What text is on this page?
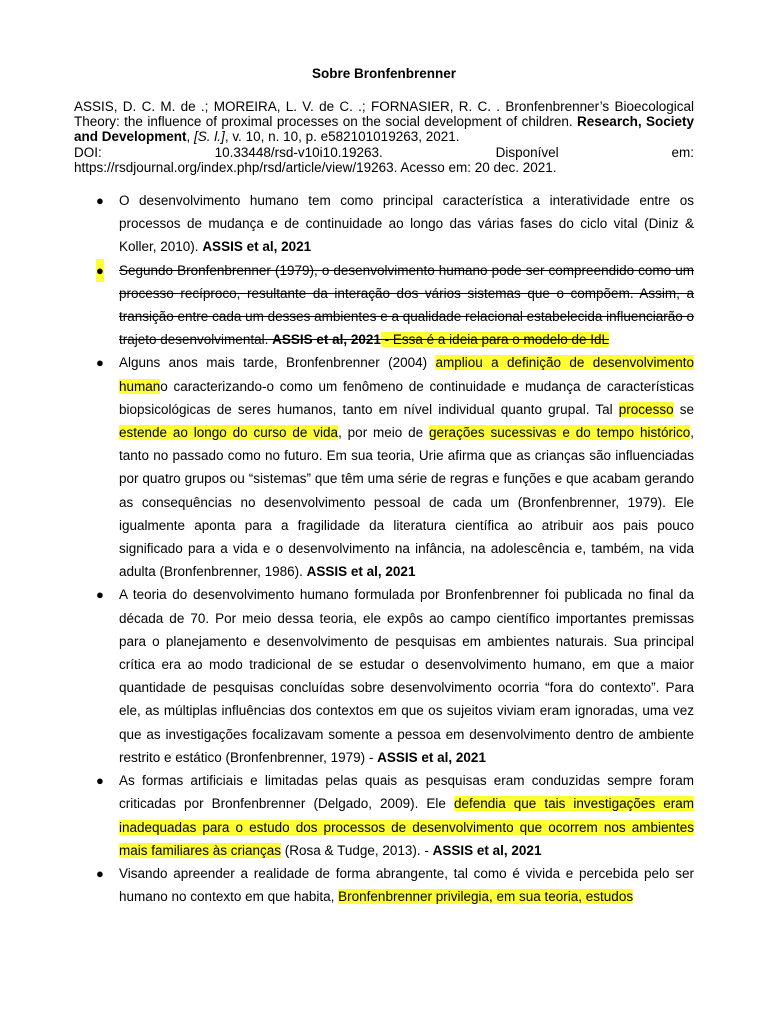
Sobre Bronfenbrenner
ASSIS, D. C. M. de .; MOREIRA, L. V. de C. .; FORNASIER, R. C. . Bronfenbrenner’s Bioecological Theory: the influence of proximal processes on the social development of children. Research, Society and Development, [S. l.], v. 10, n. 10, p. e582101019263, 2021.
DOI:	10.33448/rsd-v10i10.19263.	Disponível	em:
https://rsdjournal.org/index.php/rsd/article/view/19263. Acesso em: 20 dec. 2021.
● O desenvolvimento humano tem como principal característica a interatividade entre os processos de mudança e de continuidade ao longo das várias fases do ciclo vital (Diniz & Koller, 2010). ASSIS et al, 2021
● Segundo Bronfenbrenner (1979), o desenvolvimento humano pode ser compreendido como um processo recíproco, resultante da interação dos vários sistemas que o compõem. Assim, a transição entre cada um desses ambientes e a qualidade relacional estabelecida influenciarão o trajeto desenvolvimental. ASSIS et al, 2021 - Essa é a ideia para o modelo de IdL
● Alguns anos mais tarde, Bronfenbrenner (2004) ampliou a definição de desenvolvimento humano caracterizando-o como um fenômeno de continuidade e mudança de características biopsicológicas de seres humanos, tanto em nível individual quanto grupal. Tal processo se estende ao longo do curso de vida, por meio de gerações sucessivas e do tempo histórico, tanto no passado como no futuro. Em sua teoria, Urie afirma que as crianças são influenciadas por quatro grupos ou “sistemas” que têm uma série de regras e funções e que acabam gerando as consequências no desenvolvimento pessoal de cada um (Bronfenbrenner, 1979). Ele igualmente aponta para a fragilidade da literatura científica ao atribuir aos pais pouco significado para a vida e o desenvolvimento na infância, na adolescência e, também, na vida adulta (Bronfenbrenner, 1986). ASSIS et al, 2021
● A teoria do desenvolvimento humano formulada por Bronfenbrenner foi publicada no final da década de 70. Por meio dessa teoria, ele expôs ao campo científico importantes premissas para o planejamento e desenvolvimento de pesquisas em ambientes naturais. Sua principal crítica era ao modo tradicional de se estudar o desenvolvimento humano, em que a maior quantidade de pesquisas concluídas sobre desenvolvimento ocorria “fora do contexto”. Para ele, as múltiplas influências dos contextos em que os sujeitos viviam eram ignoradas, uma vez que as investigações focalizavam somente a pessoa em desenvolvimento dentro de ambiente restrito e estático (Bronfenbrenner, 1979) - ASSIS et al, 2021
● As formas artificiais e limitadas pelas quais as pesquisas eram conduzidas sempre foram criticadas por Bronfenbrenner (Delgado, 2009). Ele defendia que tais investigações eram inadequadas para o estudo dos processos de desenvolvimento que ocorrem nos ambientes mais familiares às crianças (Rosa & Tudge, 2013). - ASSIS et al, 2021
● Visando apreender a realidade de forma abrangente, tal como é vivida e percebida pelo ser humano no contexto em que habita, Bronfenbrenner privilegia, em sua teoria, estudos
